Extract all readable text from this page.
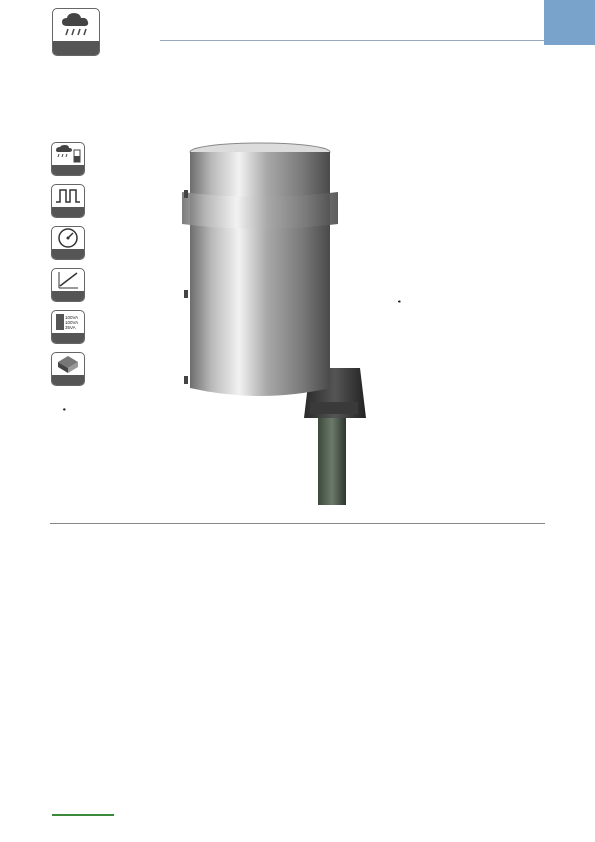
100VA
100VA
35VA
